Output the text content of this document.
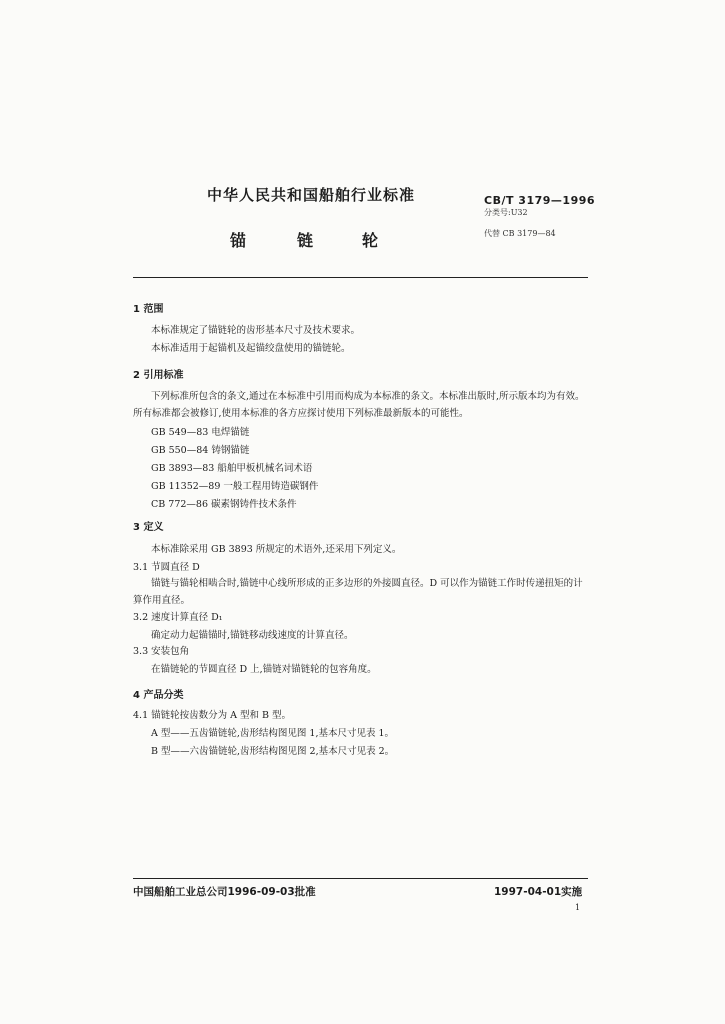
中华人民共和国船舶行业标准
锚	链	轮
CB/T 3179—1996
分类号:U32
代替 CB 3179—84
1 范围
本标准规定了锚链轮的齿形基本尺寸及技术要求。
本标准适用于起锚机及起锚绞盘使用的锚链轮。
2 引用标准
下列标准所包含的条文,通过在本标准中引用而构成为本标准的条文。本标准出版时,所示版本均为有效。所有标准都会被修订,使用本标准的各方应探讨使用下列标准最新版本的可能性。
GB 549—83 电焊锚链
GB 550—84 铸钢锚链
GB 3893—83 船舶甲板机械名词术语
GB 11352—89 一般工程用铸造碳钢件
CB 772—86 碳素钢铸件技术条件
3 定义
本标准除采用 GB 3893 所规定的术语外,还采用下列定义。
3.1 节圆直径 D
锚链与锚轮相啮合时,锚链中心线所形成的正多边形的外接圆直径。D 可以作为锚链工作时传递扭矩的计算作用直径。
3.2 速度计算直径 D₁
确定动力起锚锚时,锚链移动线速度的计算直径。
3.3 安装包角
在锚链轮的节圆直径 D 上,锚链对锚链轮的包容角度。
4 产品分类
4.1 锚链轮按齿数分为 A 型和 B 型。
A 型——五齿锚链轮,齿形结构图见图 1,基本尺寸见表 1。
B 型——六齿锚链轮,齿形结构图见图 2,基本尺寸见表 2。
中国船舶工业总公司1996-09-03批准	1997-04-01实施
1
